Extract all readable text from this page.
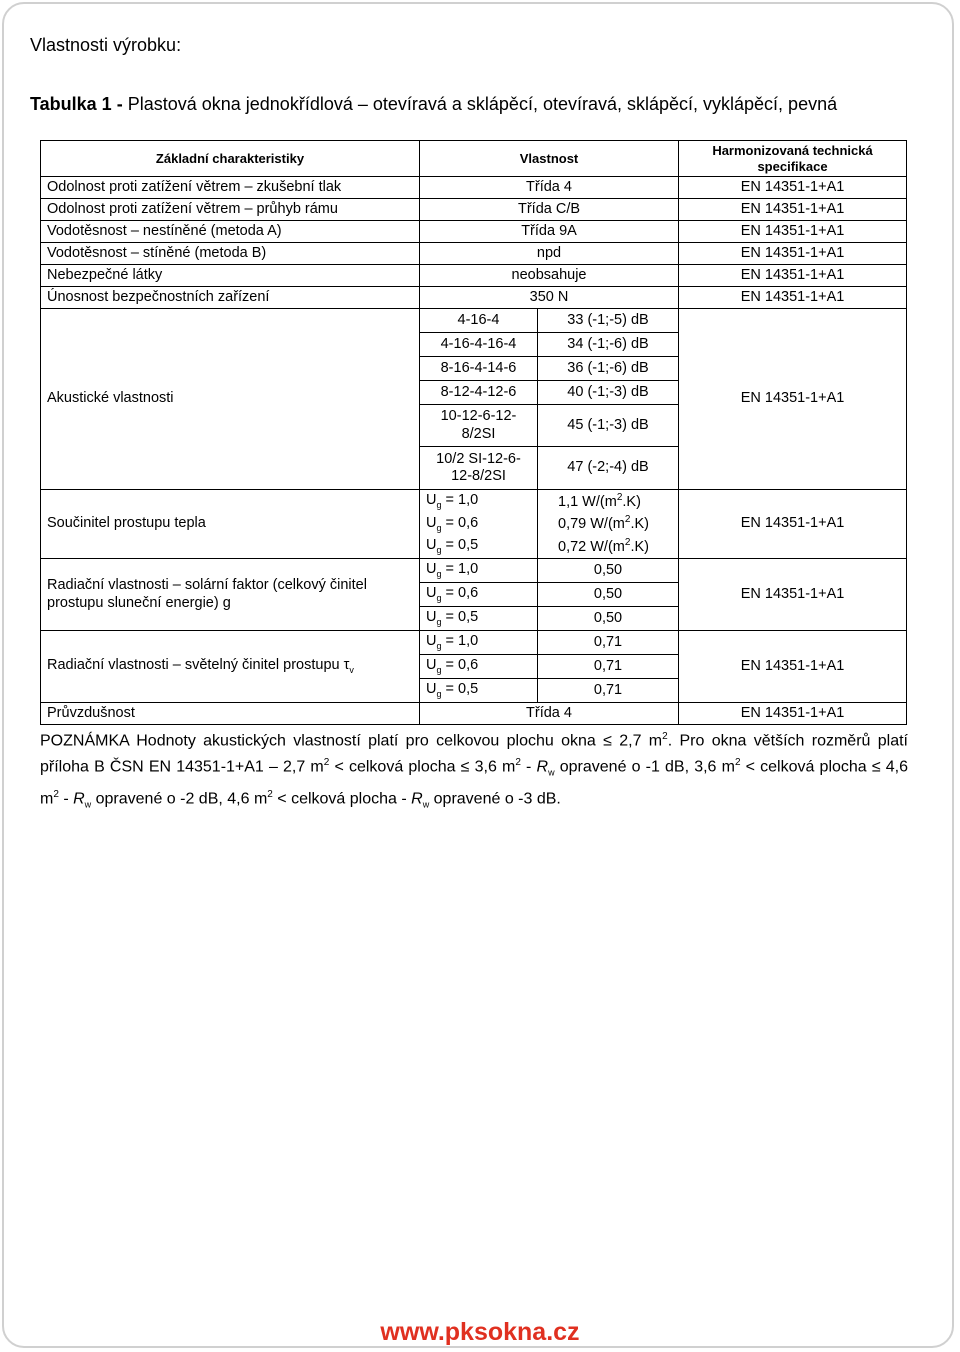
Vlastnosti výrobku:
Tabulka 1 - Plastová okna jednokřídlová – otevíravá a sklápěcí, otevíravá, sklápěcí, vyklápěcí, pevná
Základní charakteristiky	Vlastnost		Harmonizovaná technická specifikace
Odolnost proti zatížení větrem – zkušební tlak	Třída 4		EN 14351-1+A1
Odolnost proti zatížení větrem – průhyb rámu	Třída C/B		EN 14351-1+A1
Vodotěsnost – nestíněné (metoda A)	Třída 9A		EN 14351-1+A1
Vodotěsnost – stíněné (metoda B)	npd		EN 14351-1+A1
Nebezpečné látky	neobsahuje		EN 14351-1+A1
Únosnost bezpečnostních zařízení	350 N		EN 14351-1+A1
Akustické vlastnosti	4-16-4	33 (-1;-5) dB	EN 14351-1+A1
	4-16-4-16-4	34 (-1;-6) dB	
	8-16-4-14-6	36 (-1;-6) dB	
	8-12-4-12-6	40 (-1;-3) dB	
	10-12-6-12-8/2SI	45 (-1;-3) dB	
	10/2 SI-12-6-12-8/2SI	47 (-2;-4) dB	
Součinitel prostupu tepla	$U_g = 1,0$	1,1 $W/(m^2.K)$	EN 14351-1+A1
	$U_g = 0,6$	0,79 $W/(m^2.K)$	
	$U_g = 0,5$	0,72 $W/(m^2.K)$	
Radiační vlastnosti – solární faktor (celkový činitel prostupu sluneční energie) g	$U_g = 1,0$	0,50	EN 14351-1+A1
	$U_g = 0,6$	0,50	
	$U_g = 0,5$	0,50	
Radiační vlastnosti – světelný činitel prostupu $\tau_v$	$U_g = 1,0$	0,71	EN 14351-1+A1
	$U_g = 0,6$	0,71	
	$U_g = 0,5$	0,71	
Průvzdušnost	Třída 4		EN 14351-1+A1
POZNÁMKA Hodnoty akustických vlastností platí pro celkovou plochu okna ≤ 2,7 $m^2$. Pro okna větších rozměrů platí příloha B ČSN EN 14351-1+A1 – 2,7 $m^2$ < celková plocha ≤ 3,6 $m^2 - R_w$ opravené o -1 dB, 3,6 $m^2$ < celková plocha ≤ 4,6 $m^2 - R_w$ opravené o -2 dB, 4,6 $m^2$ < celková plocha - $R_w$ opravené o -3 dB.
www.pksokna.cz
